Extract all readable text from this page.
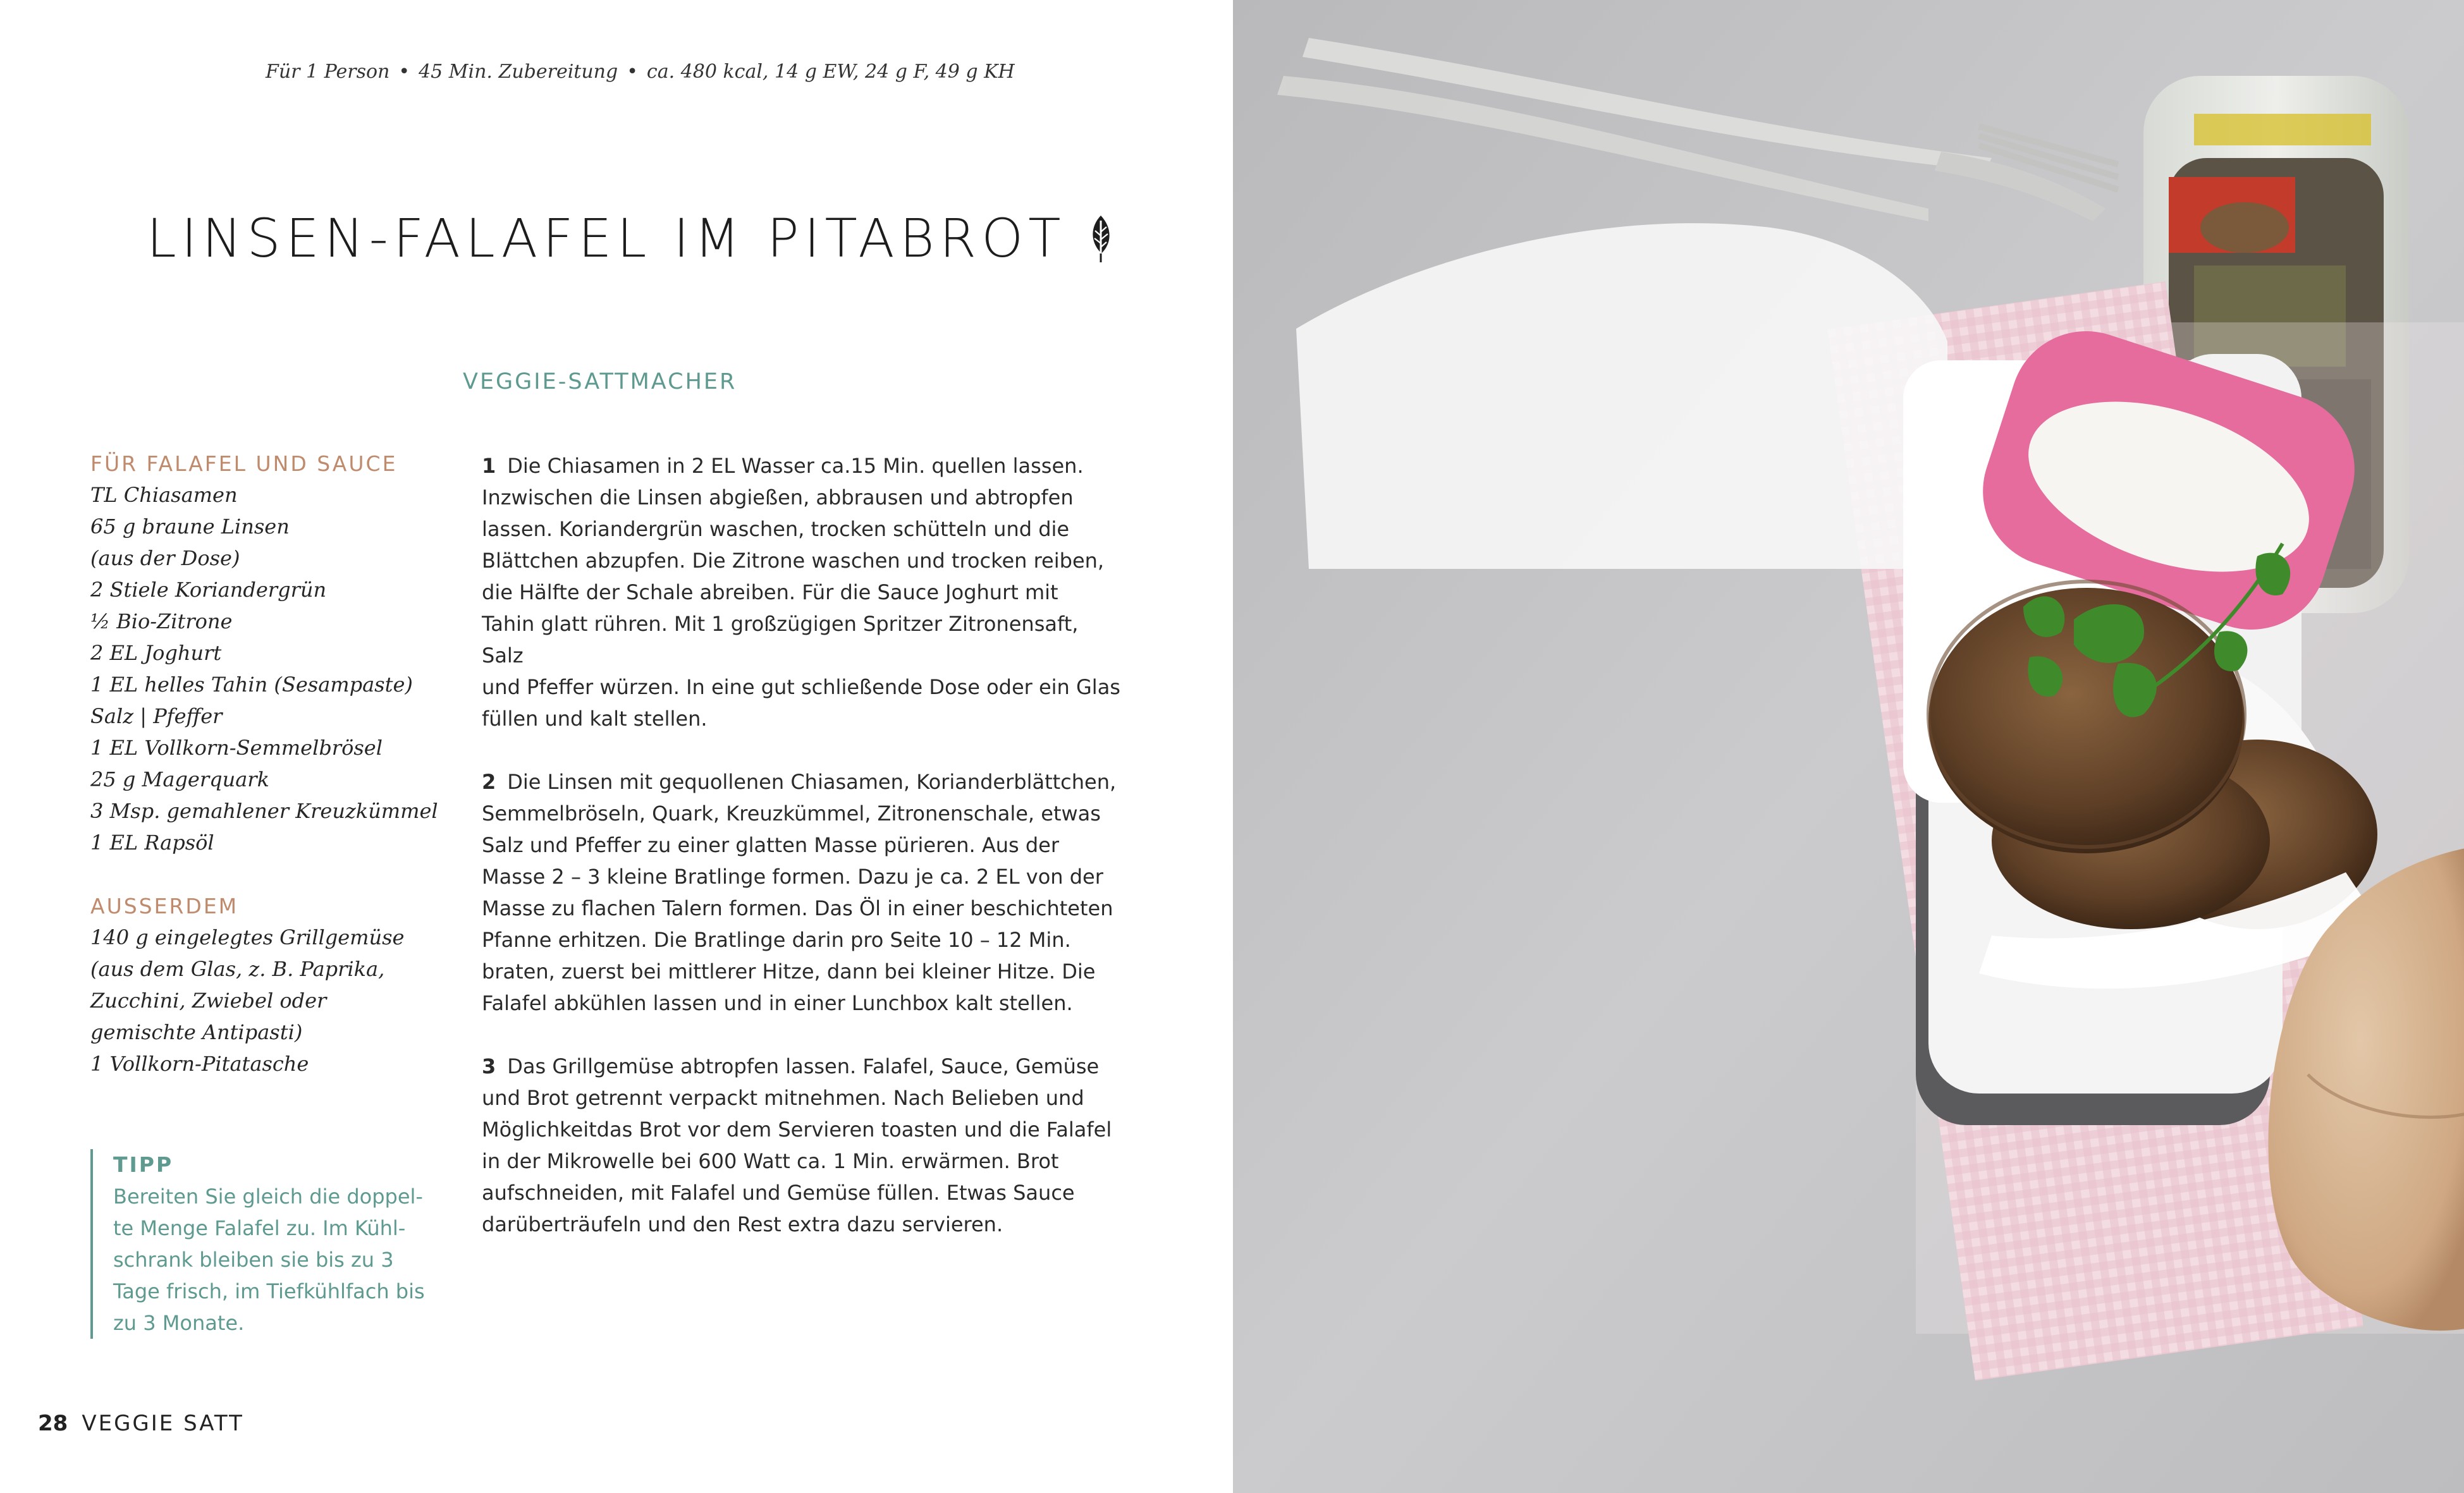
Für 1 Person • 45 Min. Zubereitung • ca. 480 kcal, 14 g EW, 24 g F, 49 g KH
LINSEN-FALAFEL IM PITABROT
VEGGIE-SATTMACHER
FÜR FALAFEL UND SAUCE
TL Chiasamen
65 g braune Linsen
(aus der Dose)
2 Stiele Koriandergrün
½ Bio-Zitrone
2 EL Joghurt
1 EL helles Tahin (Sesampaste)
Salz | Pfeffer
1 EL Vollkorn-Semmelbrösel
25 g Magerquark
3 Msp. gemahlener Kreuzkümmel
1 EL Rapsöl
AUSSERDEM
140 g eingelegtes Grillgemüse
(aus dem Glas, z. B. Paprika,
Zucchini, Zwiebel oder
gemischte Antipasti)
1 Vollkorn-Pitatasche
TIPP
Bereiten Sie gleich die doppel-
te Menge Falafel zu. Im Kühl-
schrank bleiben sie bis zu 3
Tage frisch, im Tiefkühlfach bis
zu 3 Monate.
1 Die Chiasamen in 2 EL Wasser ca.15 Min. quellen lassen.
Inzwischen die Linsen abgießen, abbrausen und abtropfen
lassen. Koriandergrün waschen, trocken schütteln und die
Blättchen abzupfen. Die Zitrone waschen und trocken reiben,
die Hälfte der Schale abreiben. Für die Sauce Joghurt mit
Tahin glatt rühren. Mit 1 großzügigen Spritzer Zitronensaft, Salz
und Pfeffer würzen. In eine gut schließende Dose oder ein Glas
füllen und kalt stellen.
2 Die Linsen mit gequollenen Chiasamen, Korianderblättchen,
Semmelbröseln, Quark, Kreuzkümmel, Zitronenschale, etwas
Salz und Pfeffer zu einer glatten Masse pürieren. Aus der
Masse 2 – 3 kleine Bratlinge formen. Dazu je ca. 2 EL von der
Masse zu flachen Talern formen. Das Öl in einer beschichteten
Pfanne erhitzen. Die Bratlinge darin pro Seite 10 – 12 Min.
braten, zuerst bei mittlerer Hitze, dann bei kleiner Hitze. Die
Falafel abkühlen lassen und in einer Lunchbox kalt stellen.
3 Das Grillgemüse abtropfen lassen. Falafel, Sauce, Gemüse
und Brot getrennt verpackt mitnehmen. Nach Belieben und
Möglichkeitdas Brot vor dem Servieren toasten und die Falafel
in der Mikrowelle bei 600 Watt ca. 1 Min. erwärmen. Brot
aufschneiden, mit Falafel und Gemüse füllen. Etwas Sauce
darüberträufeln und den Rest extra dazu servieren.
28 VEGGIE SATT
